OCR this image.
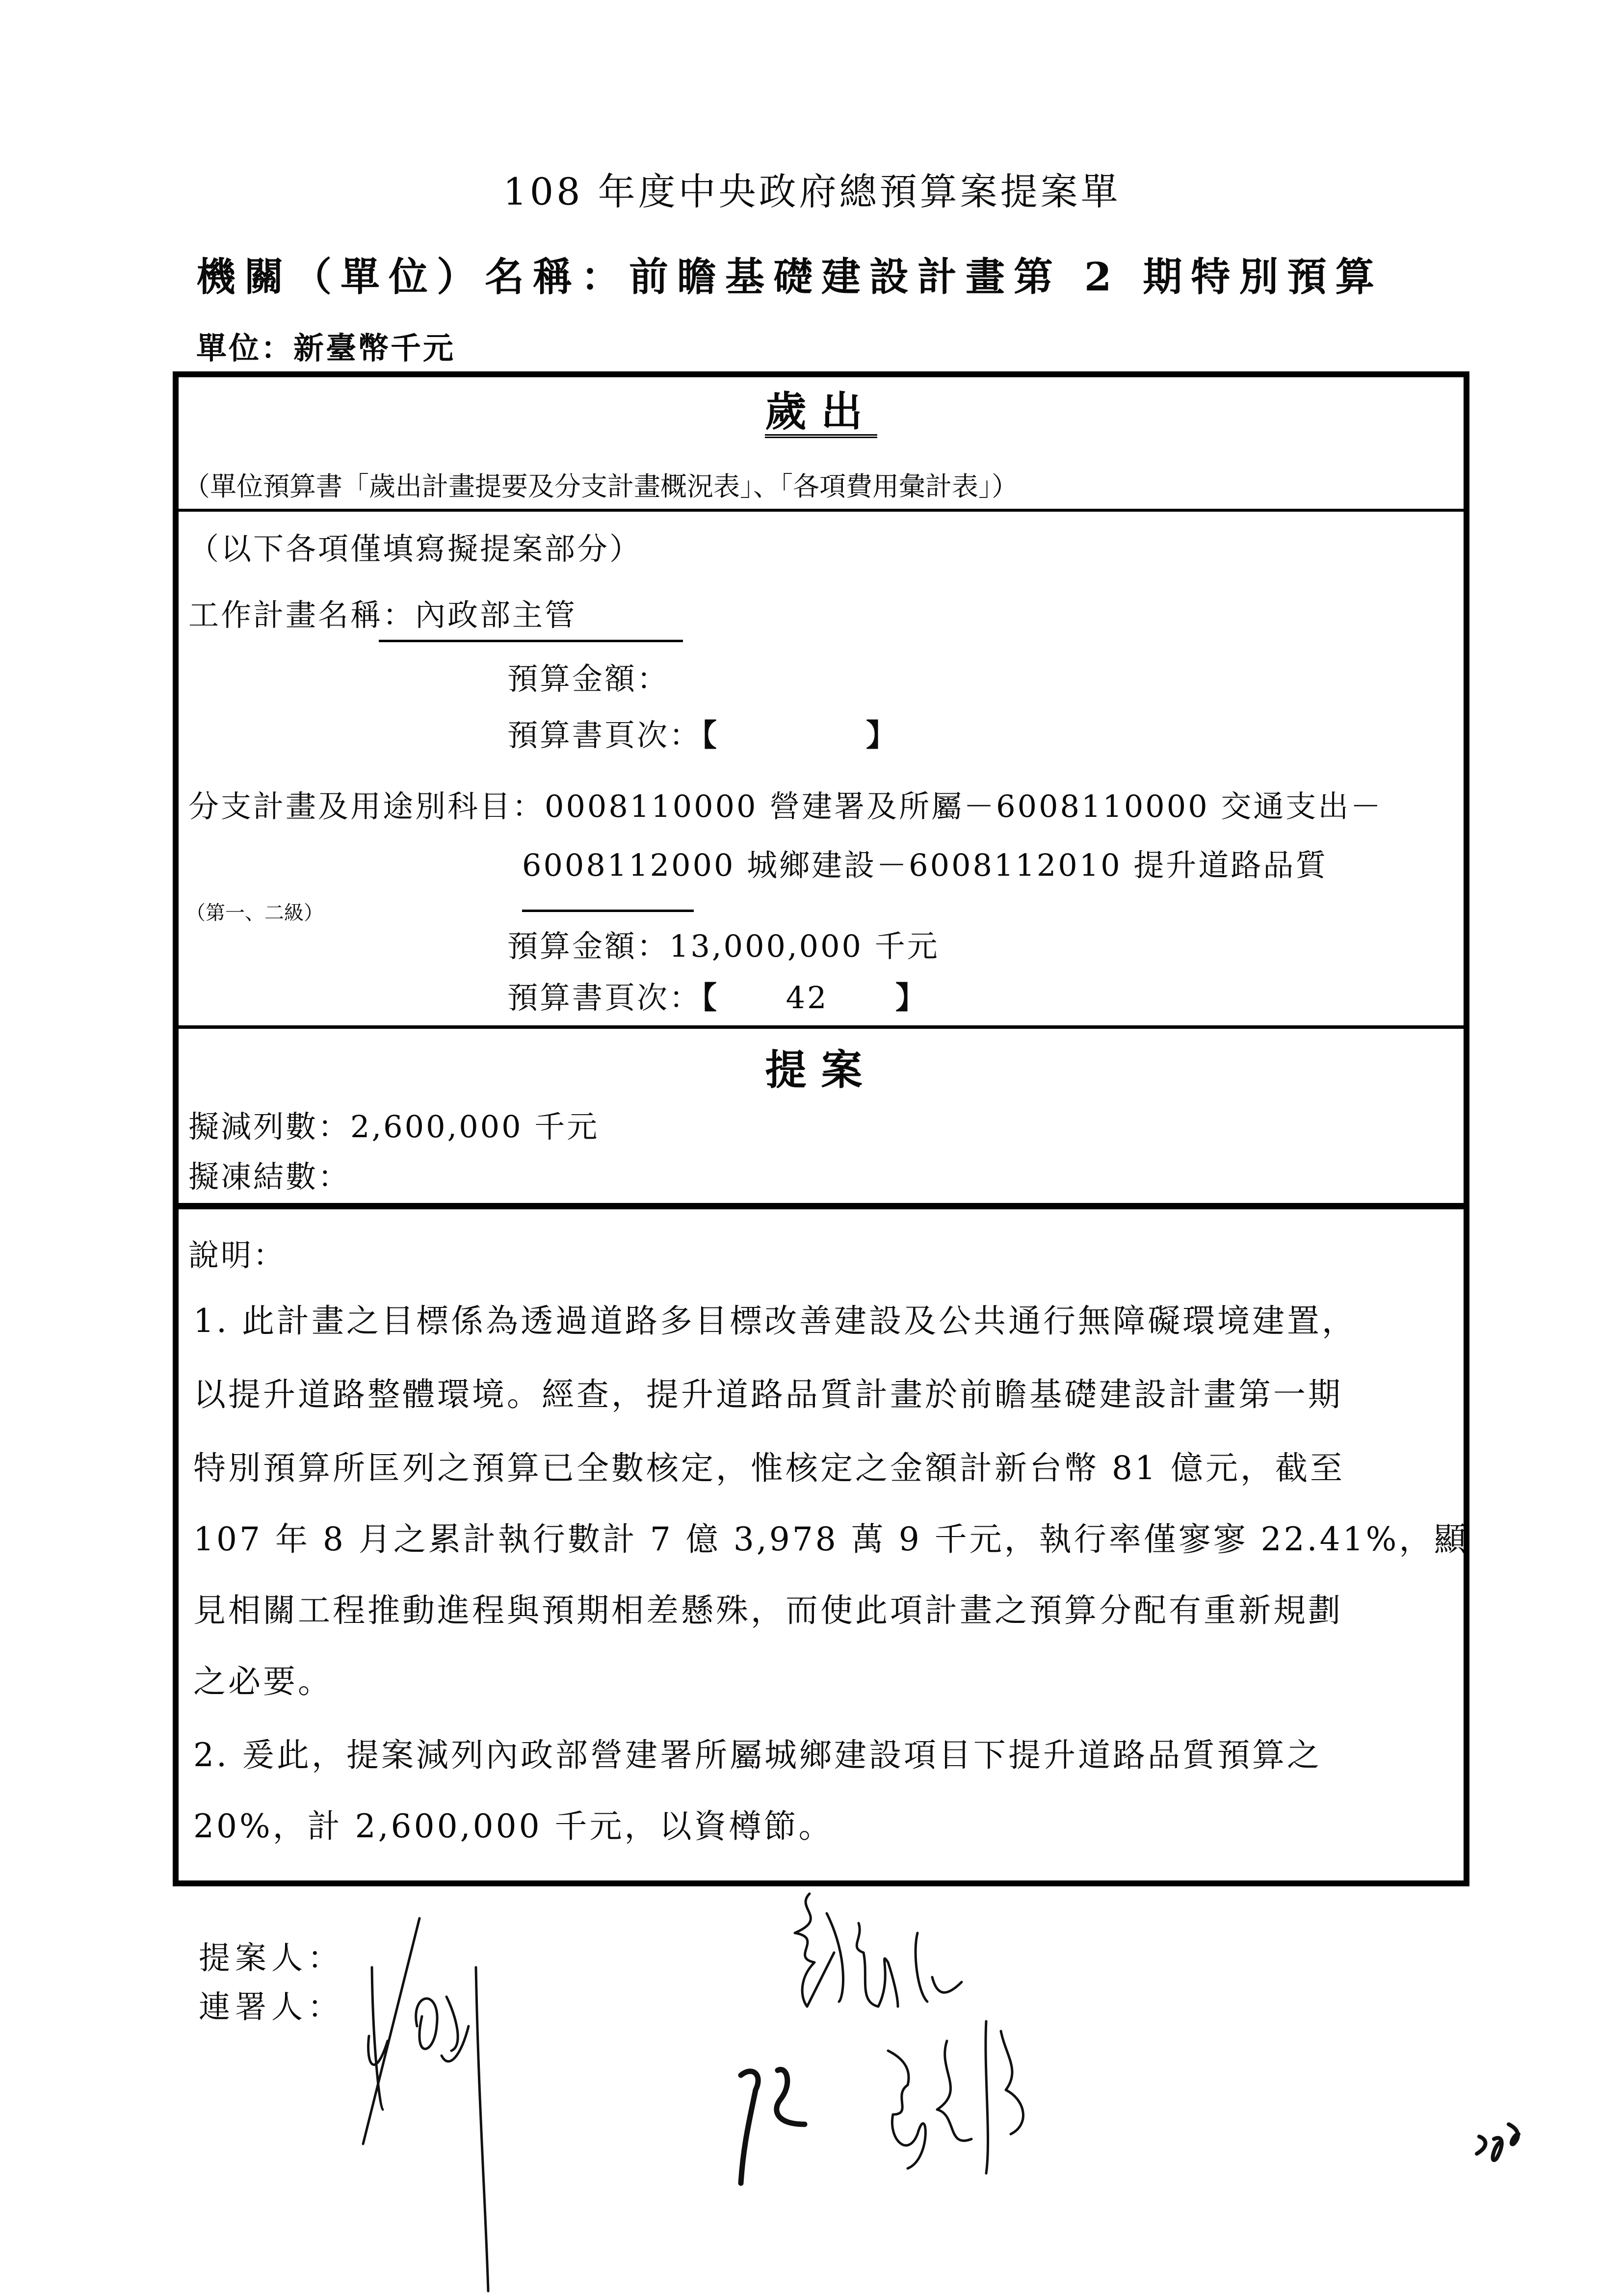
108 年度中央政府總預算案提案單
機關（單位）名稱：前瞻基礎建設計畫第 2 期特別預算
單位：新臺幣千元
歲出
（單位預算書「歲出計畫提要及分支計畫概況表」、「各項費用彙計表」）
（以下各項僅填寫擬提案部分）
工作計畫名稱：內政部主管
預算金額：
預算書頁次：【	】
分支計畫及用途別科目：0008110000 營建署及所屬－6008110000 交通支出－
6008112000 城鄉建設－6008112010 提升道路品質
（第一、二級）
預算金額：13,000,000 千元
預算書頁次：【 42 】
提案
擬減列數：2,600,000 千元
擬凍結數：
說明：
1. 此計畫之目標係為透過道路多目標改善建設及公共通行無障礙環境建置，
以提升道路整體環境。經查，提升道路品質計畫於前瞻基礎建設計畫第一期
特別預算所匡列之預算已全數核定，惟核定之金額計新台幣 81 億元，截至
107 年 8 月之累計執行數計 7 億 3,978 萬 9 千元，執行率僅寥寥 22.41%，顯
見相關工程推動進程與預期相差懸殊，而使此項計畫之預算分配有重新規劃
之必要。
2. 爰此，提案減列內政部營建署所屬城鄉建設項目下提升道路品質預算之
20%，計 2,600,000 千元，以資樽節。
提案人：
連署人：
